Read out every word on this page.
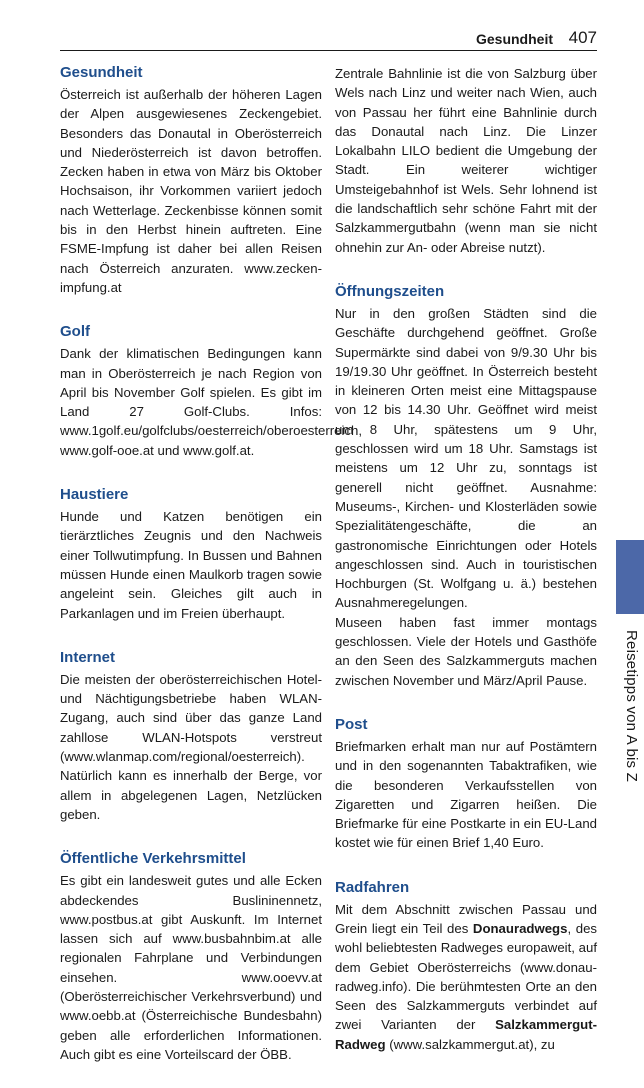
Gesundheit 407
Gesundheit

Österreich ist außerhalb der höheren Lagen der Alpen ausgewiesenes Zeckengebiet. Besonders das Donautal in Oberösterreich und Niederösterreich ist davon betroffen. Zecken haben in etwa von März bis Oktober Hochsaison, ihr Vorkommen variiert jedoch nach Wetterlage. Zeckenbisse können somit bis in den Herbst hinein auftreten. Eine FSME-Impfung ist daher bei allen Reisen nach Österreich anzuraten. www.zecken-impfung.at

Golf

Dank der klimatischen Bedingungen kann man in Oberösterreich je nach Region von April bis November Golf spielen. Es gibt im Land 27 Golf-Clubs. Infos: www.1golf.eu/golfclubs/oesterreich/oberoesterreich, www.golf-ooe.at und www.golf.at.

Haustiere

Hunde und Katzen benötigen ein tierärztliches Zeugnis und den Nachweis einer Tollwutimpfung. In Bussen und Bahnen müssen Hunde einen Maulkorb tragen sowie angeleint sein. Gleiches gilt auch in Parkanlagen und im Freien überhaupt.

Internet

Die meisten der oberösterreichischen Hotel- und Nächtigungsbetriebe haben WLAN-Zugang, auch sind über das ganze Land zahllose WLAN-Hotspots verstreut (www.wlanmap.com/regional/oesterreich). Natürlich kann es innerhalb der Berge, vor allem in abgelegenen Lagen, Netzlücken geben.

Öffentliche Verkehrsmittel

Es gibt ein landesweit gutes und alle Ecken abdeckendes Buslininennetz, www.postbus.at gibt Auskunft. Im Internet lassen sich auf www.busbahnbim.at alle regionalen Fahrplane und Verbindungen einsehen. www.ooevv.at (Oberösterreichischer Verkehrsverbund) und www.oebb.at (Österreichische Bundesbahn) geben alle erforderlichen Informationen. Auch gibt es eine Vorteilscard der ÖBB.

Zentrale Bahnlinie ist die von Salzburg über Wels nach Linz und weiter nach Wien, auch von Passau her führt eine Bahnlinie durch das Donautal nach Linz. Die Linzer Lokalbahn LILO bedient die Umgebung der Stadt. Ein weiterer wichtiger Umsteigebahnhof ist Wels. Sehr lohnend ist die landschaftlich sehr schöne Fahrt mit der Salzkammergutbahn (wenn man sie nicht ohnehin zur An- oder Abreise nutzt).

Öffnungszeiten

Nur in den großen Städten sind die Geschäfte durchgehend geöffnet. Große Supermärkte sind dabei von 9/9.30 Uhr bis 19/19.30 Uhr geöffnet. In Österreich besteht in kleineren Orten meist eine Mittagspause von 12 bis 14.30 Uhr. Geöffnet wird meist um 8 Uhr, spätestens um 9 Uhr, geschlossen wird um 18 Uhr. Samstags ist meistens um 12 Uhr zu, sonntags ist generell nicht geöffnet. Ausnahme: Museums-, Kirchen- und Klosterläden sowie Spezialitätengeschäfte, die an gastronomische Einrichtungen oder Hotels angeschlossen sind. Auch in touristischen Hochburgen (St. Wolfgang u. ä.) bestehen Ausnahmeregelungen.

Museen haben fast immer montags geschlossen. Viele der Hotels und Gasthöfe an den Seen des Salzkammerguts machen zwischen November und März/April Pause.

Post

Briefmarken erhalt man nur auf Postämtern und in den sogenannten Tabaktrafiken, wie die besonderen Verkaufsstellen von Zigaretten und Zigarren heißen. Die Briefmarke für eine Postkarte in ein EU-Land kostet wie für einen Brief 1,40 Euro.

Radfahren

Mit dem Abschnitt zwischen Passau und Grein liegt ein Teil des Donauradwegs, des wohl beliebtesten Radweges europaweit, auf dem Gebiet Oberösterreichs (www.donau-radweg.info). Die berühmtesten Orte an den Seen des Salzkammerguts verbindet auf zwei Varianten der Salzkammergut-Radweg (www.salzkammergut.at), zu

Reisetipps von A bis Z
